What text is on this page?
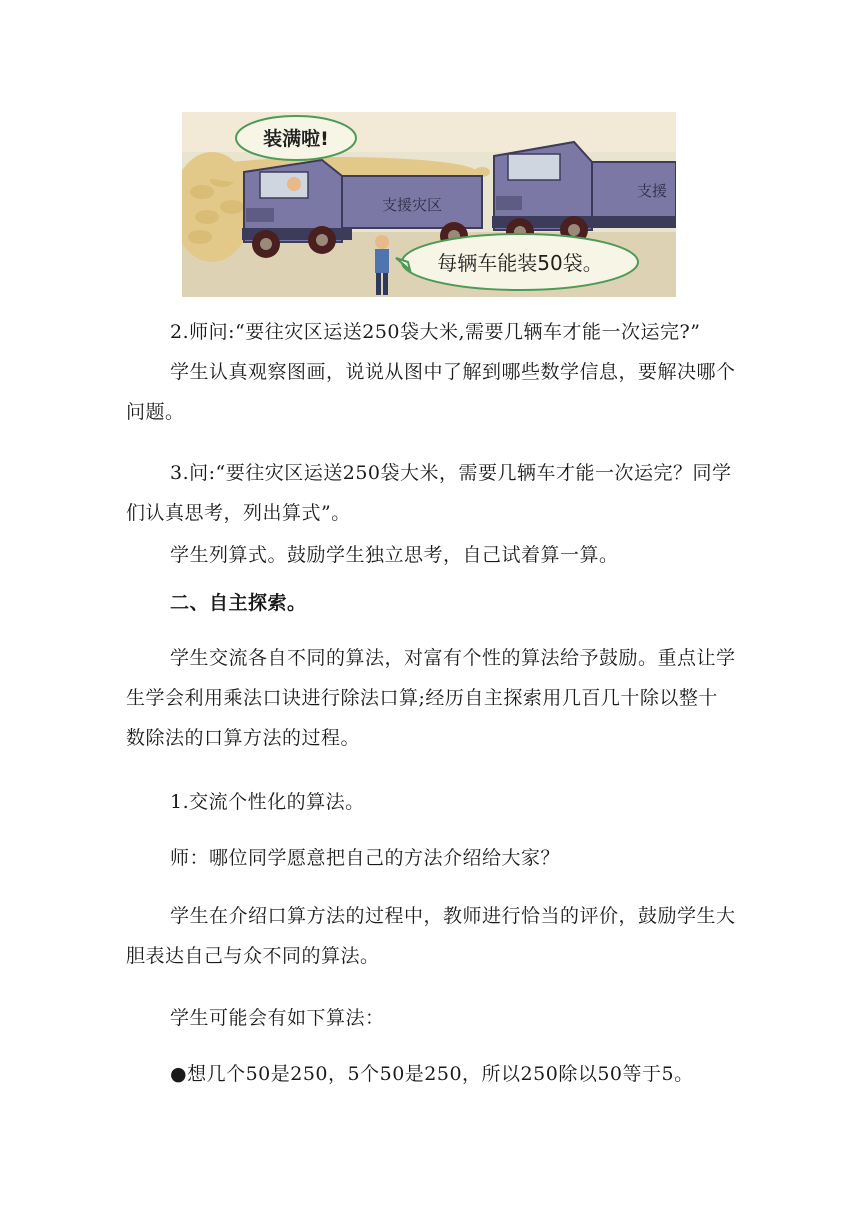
支援灾区
支援
装满啦!
每辆车能装50袋。

2.师问:“要往灾区运送250袋大米,需要几辆车才能一次运完?”

学生认真观察图画，说说从图中了解到哪些数学信息，要解决哪个问题。

3.问:“要往灾区运送250袋大米，需要几辆车才能一次运完？同学们认真思考，列出算式”。

学生列算式。鼓励学生独立思考，自己试着算一算。

二、自主探索。

学生交流各自不同的算法，对富有个性的算法给予鼓励。重点让学生学会利用乘法口诀进行除法口算;经历自主探索用几百几十除以整十数除法的口算方法的过程。

1.交流个性化的算法。

师：哪位同学愿意把自己的方法介绍给大家？

学生在介绍口算方法的过程中，教师进行恰当的评价，鼓励学生大胆表达自己与众不同的算法。

学生可能会有如下算法：

●想几个50是250，5个50是250，所以250除以50等于5。
